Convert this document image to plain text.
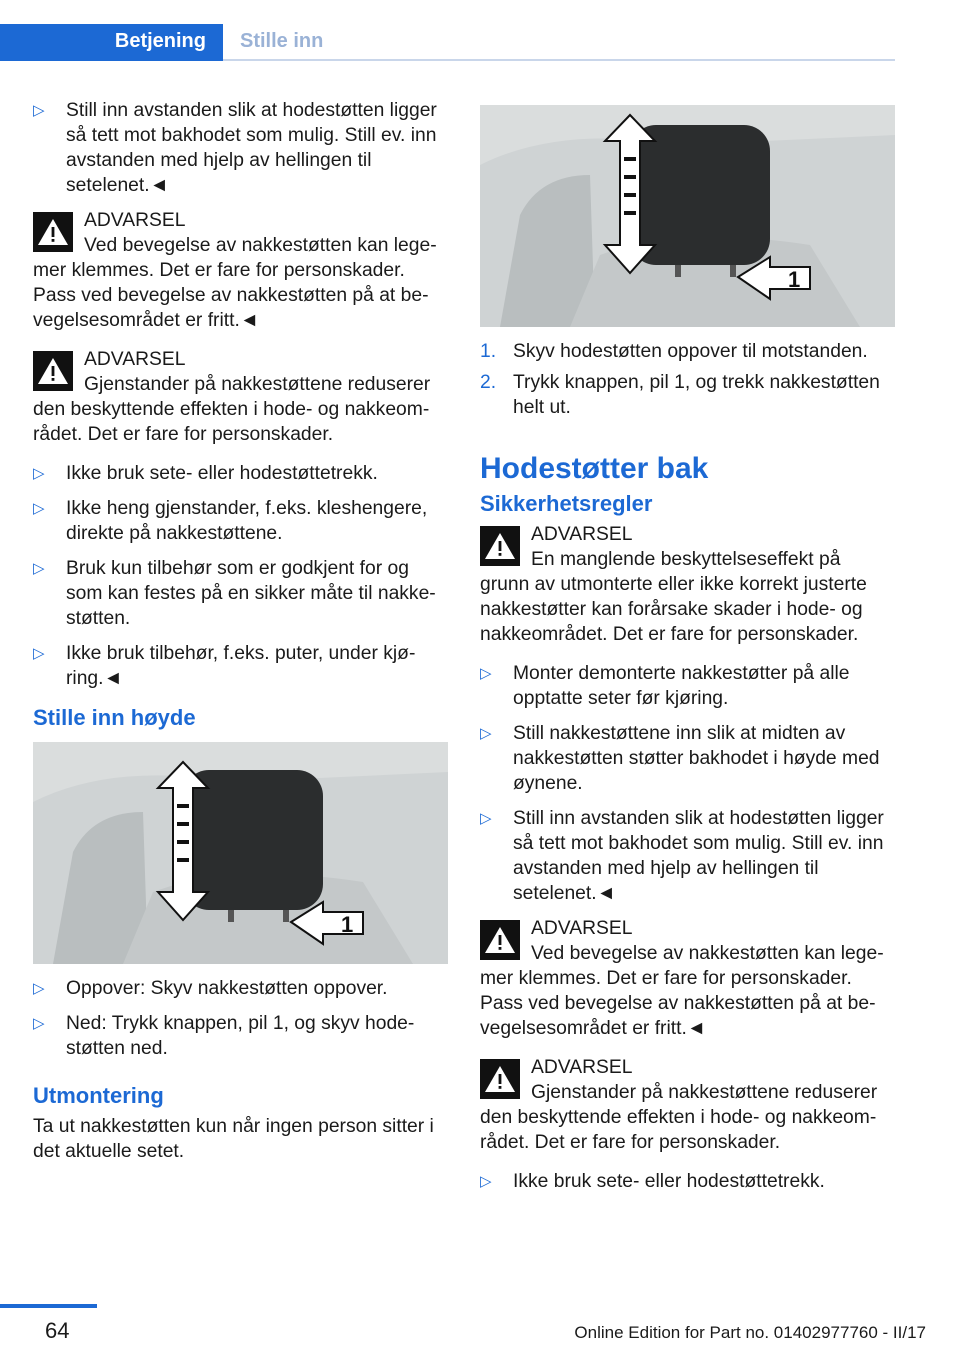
Betjening Stille inn
▷ Still inn avstanden slik at hodestøtten ligger så tett mot bakhodet som mulig. Still ev. inn avstanden med hjelp av hellingen til setelenet.◄
ADVARSEL
Ved bevegelse av nakkestøtten kan legemer klemmes. Det er fare for personskader. Pass ved bevegelse av nakkestøtten på at bevegelsesområdet er fritt.◄
ADVARSEL
Gjenstander på nakkestøttene reduserer den beskyttende effekten i hode- og nakkeområdet. Det er fare for personskader.
▷ Ikke bruk sete- eller hodestøttetrekk.
▷ Ikke heng gjenstander, f.eks. kleshengere, direkte på nakkestøttene.
▷ Bruk kun tilbehør som er godkjent for og som kan festes på en sikker måte til nakkestøtten.
▷ Ikke bruk tilbehør, f.eks. puter, under kjøring.◄
Stille inn høyde
1
▷ Oppover: Skyv nakkestøtten oppover.
▷ Ned: Trykk knappen, pil 1, og skyv hodestøtten ned.
Utmontering

Ta ut nakkestøtten kun når ingen person sitter i det aktuelle setet.

1
1. Skyv hodestøtten oppover til motstanden.
2. Trykk knappen, pil 1, og trekk nakkestøtten helt ut.
Hodestøtter bak
Sikkerhetsregler
ADVARSEL
En manglende beskyttelseseffekt på grunn av utmonterte eller ikke korrekt justerte nakkestøtter kan forårsake skader i hode- og nakkeområdet. Det er fare for personskader.
▷ Monter demonterte nakkestøtter på alle opptatte seter før kjøring.
▷ Still nakkestøttene inn slik at midten av nakkestøtten støtter bakhodet i høyde med øynene.
▷ Still inn avstanden slik at hodestøtten ligger så tett mot bakhodet som mulig. Still ev. inn avstanden med hjelp av hellingen til setelenet.◄
ADVARSEL
Ved bevegelse av nakkestøtten kan legemer klemmes. Det er fare for personskader. Pass ved bevegelse av nakkestøtten på at bevegelsesområdet er fritt.◄
ADVARSEL
Gjenstander på nakkestøttene reduserer den beskyttende effekten i hode- og nakkeområdet. Det er fare for personskader.
▷ Ikke bruk sete- eller hodestøttetrekk.
64	Online Edition for Part no. 01402977760 - II/17
